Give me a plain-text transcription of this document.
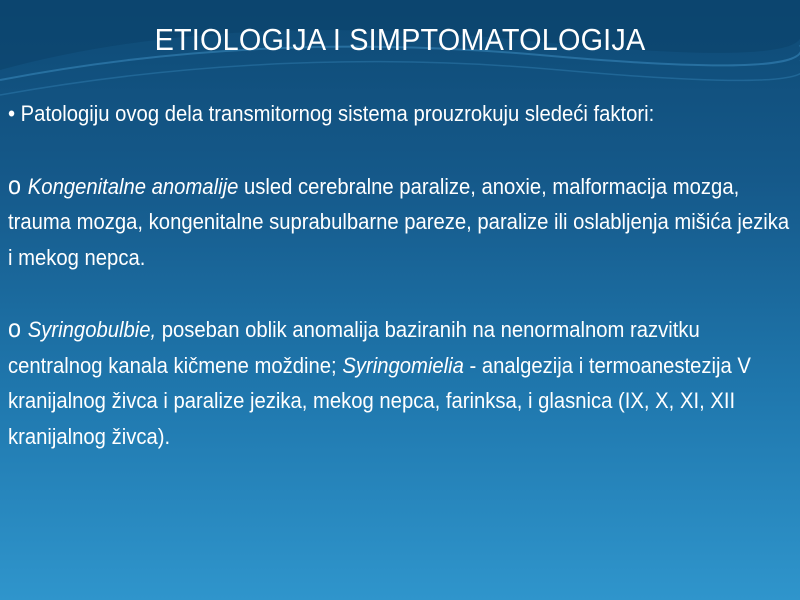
ETIOLOGIJA I SIMPTOMATOLOGIJA

• Patologiju ovog dela transmitornog sistema prouzrokuju sledeći faktori:

o Kongenitalne anomalije usled cerebralne paralize, anoxie, malformacija mozga, trauma mozga, kongenitalne suprabulbarne pareze, paralize ili oslabljenja mišića jezika i mekog nepca.

o Syringobulbie, poseban oblik anomalija baziranih na nenormalnom razvitku centralnog kanala kičmene moždine; Syringomielia - analgezija i termoanestezija V kranijalnog živca i paralize jezika, mekog nepca, farinksa, i glasnica (IX, X, XI, XII kranijalnog živca).
